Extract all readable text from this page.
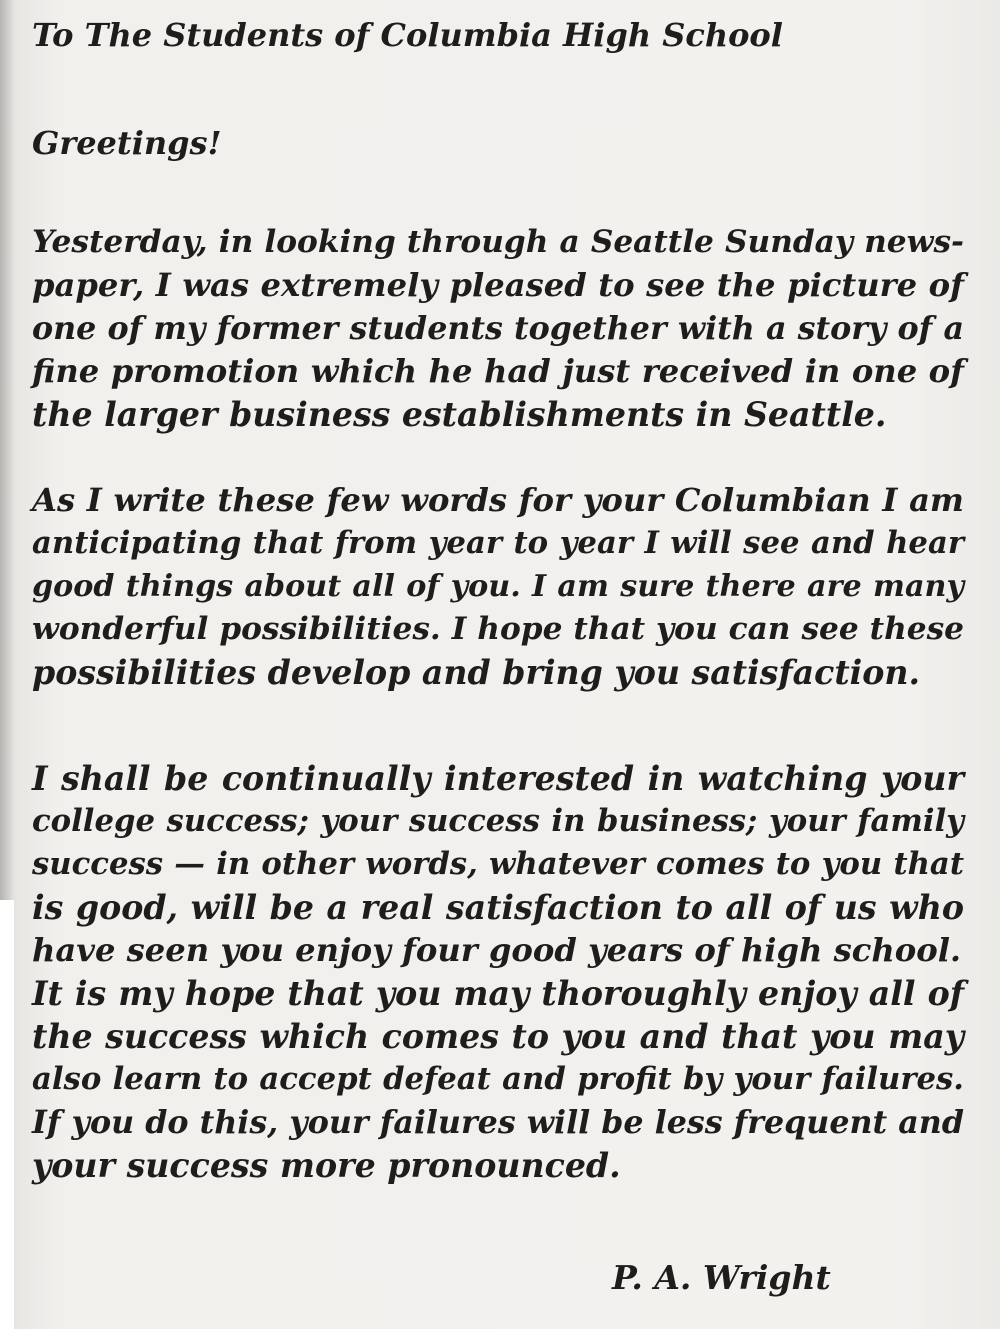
To The Students of Columbia High School
Greetings!
Yesterday, in looking through a Seattle Sunday news-
paper, I was extremely pleased to see the picture of
one of my former students together with a story of a
fine promotion which he had just received in one of
the larger business establishments in Seattle.
As I write these few words for your Columbian I am
anticipating that from year to year I will see and hear
good things about all of you. I am sure there are many
wonderful possibilities. I hope that you can see these
possibilities develop and bring you satisfaction.
I shall be continually interested in watching your
college success; your success in business; your family
success — in other words, whatever comes to you that
is good, will be a real satisfaction to all of us who
have seen you enjoy four good years of high school.
It is my hope that you may thoroughly enjoy all of
the success which comes to you and that you may
also learn to accept defeat and profit by your failures.
If you do this, your failures will be less frequent and
your success more pronounced.
P. A. Wright
